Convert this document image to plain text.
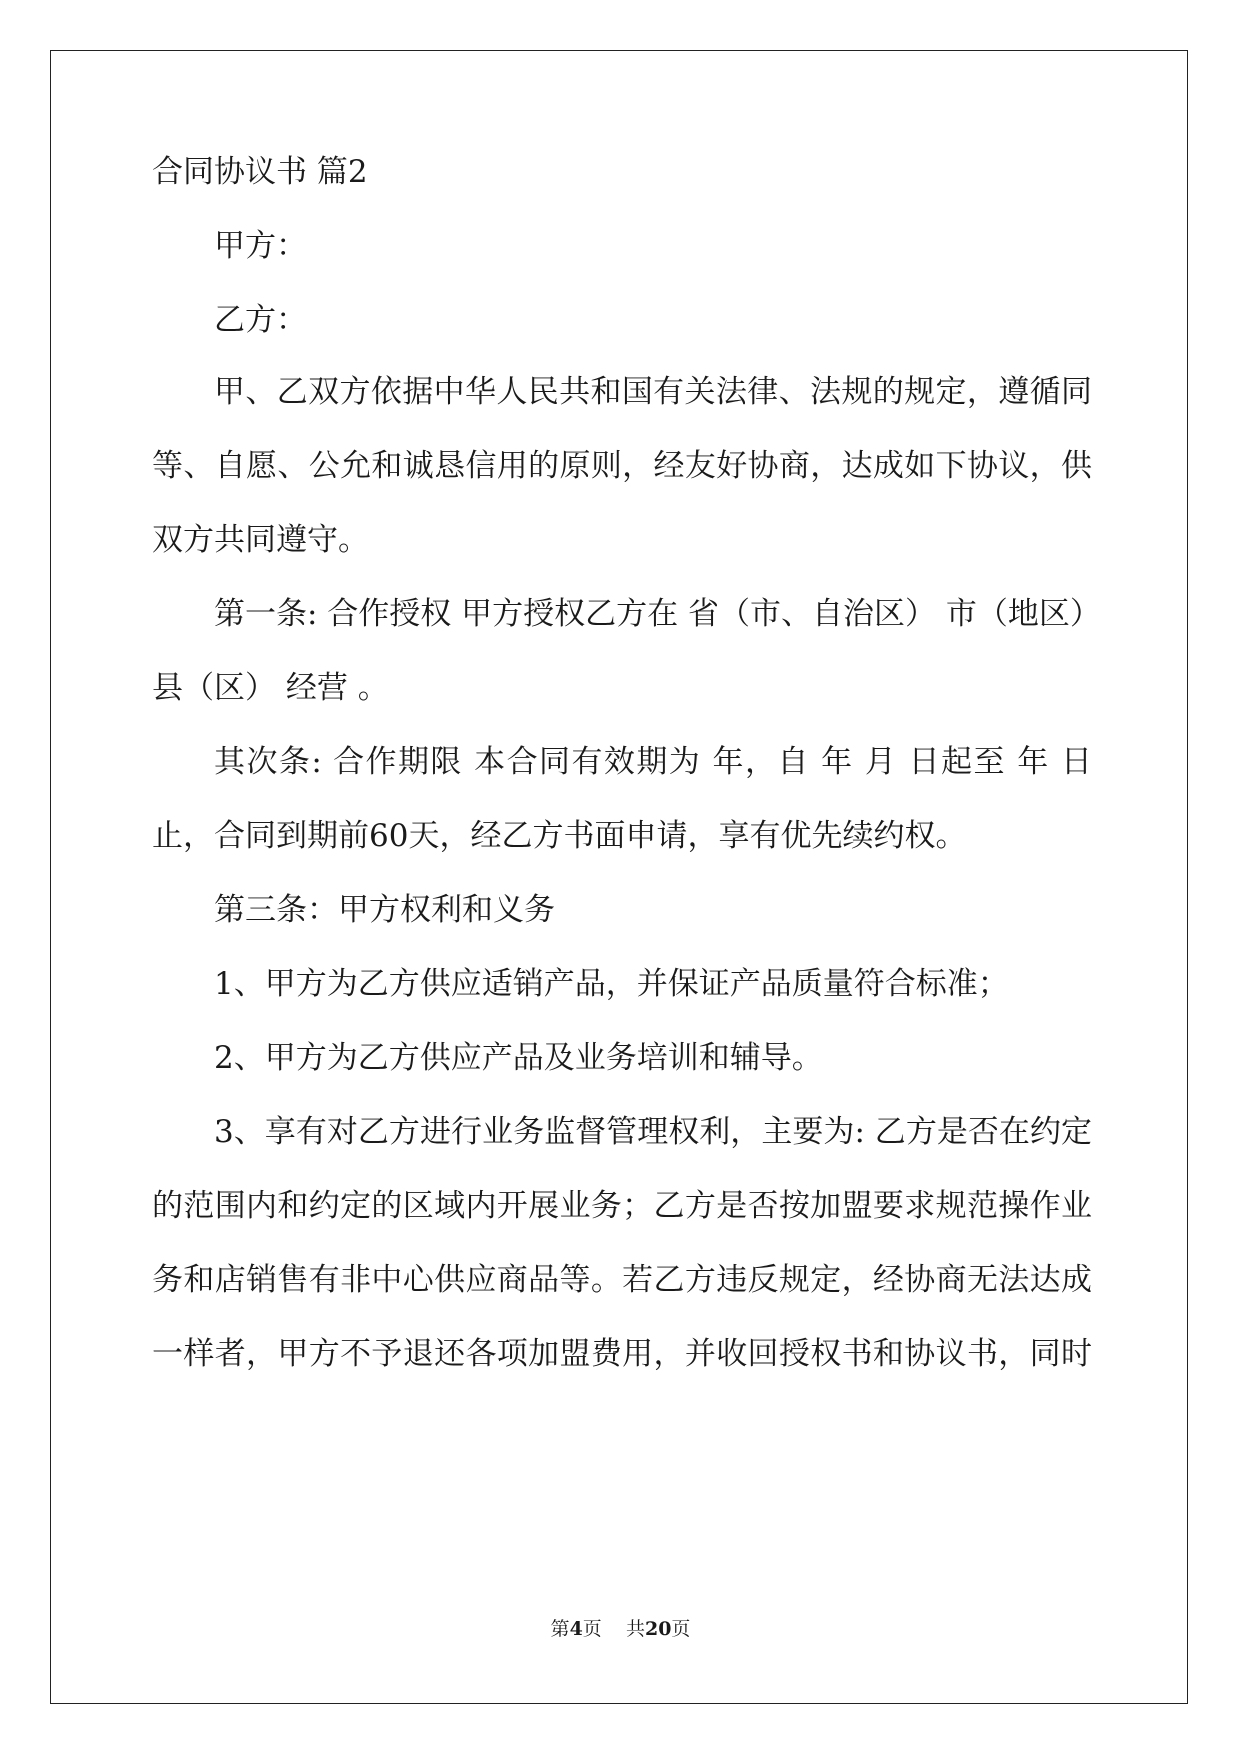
合同协议书 篇2
甲方：
乙方：
甲、乙双方依据中华人民共和国有关法律、法规的规定，遵循同
等、自愿、公允和诚恳信用的原则，经友好协商，达成如下协议，供
双方共同遵守。
第一条: 合作授权 甲方授权乙方在 省（市、自治区） 市（地区）
县（区） 经营 。
其次条: 合作期限 本合同有效期为 年，自 年 月 日起至 年 日
止，合同到期前60天，经乙方书面申请，享有优先续约权。
第三条：甲方权利和义务
1、甲方为乙方供应适销产品，并保证产品质量符合标准；
2、甲方为乙方供应产品及业务培训和辅导。
3、享有对乙方进行业务监督管理权利，主要为: 乙方是否在约定
的范围内和约定的区域内开展业务；乙方是否按加盟要求规范操作业
务和店销售有非中心供应商品等。若乙方违反规定，经协商无法达成
一样者，甲方不予退还各项加盟费用，并收回授权书和协议书，同时
第4页    共20页
